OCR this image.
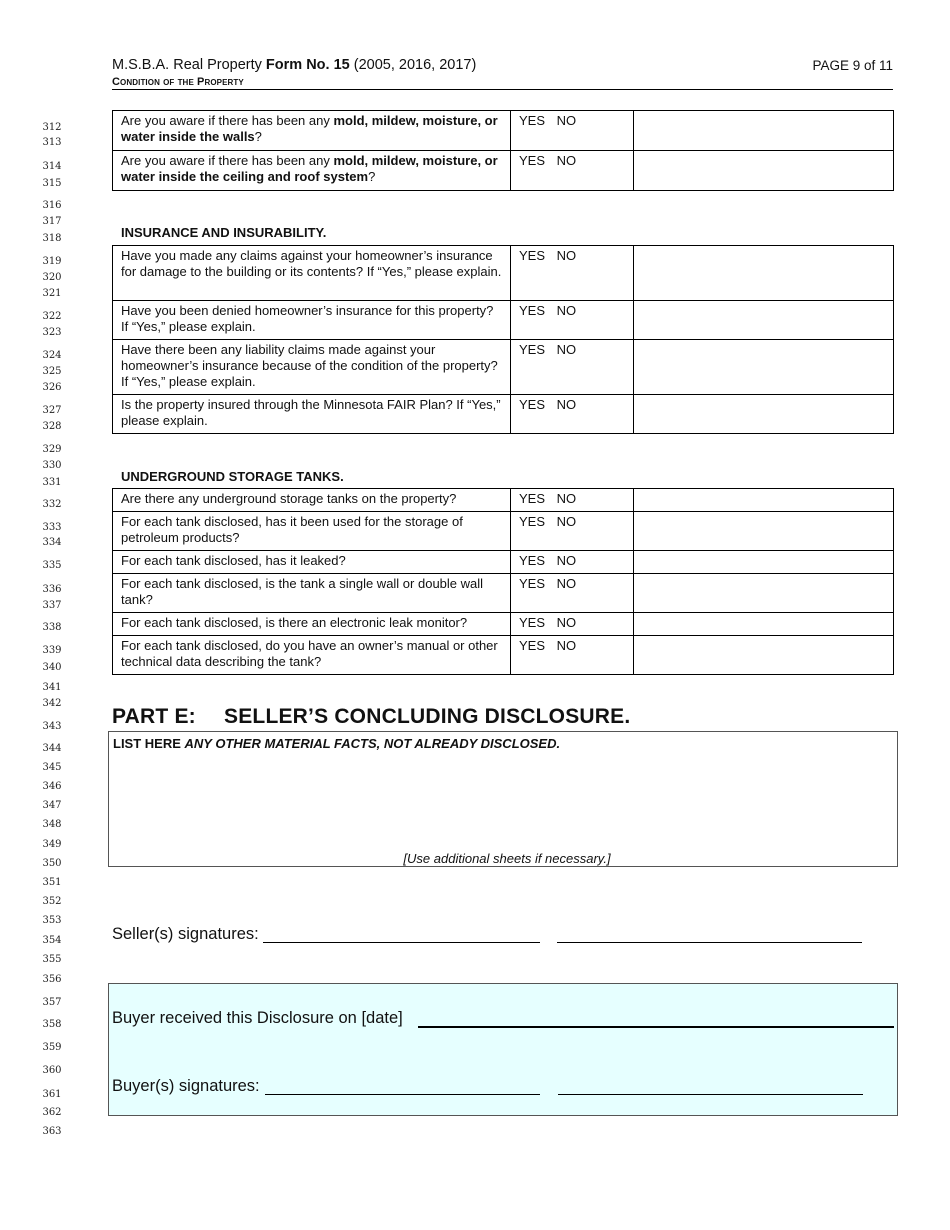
M.S.B.A. Real Property Form No. 15 (2005, 2016, 2017)
Condition of the Property
PAGE 9 of 11
312
313
314
315
316
317
318
319
320
321
322
323
324
325
326
327
328
329
330
331
332
333
334
335
336
337
338
339
340
341
342
343
344
345
346
347
348
349
350
351
352
353
354
355
356
357
358
359
360
361
362
363
Are you aware if there has been any mold, mildew, moisture, or water inside the walls?	YES NO	
Are you aware if there has been any mold, mildew, moisture, or water inside the ceiling and roof system?	YES NO	
INSURANCE AND INSURABILITY.
Have you made any claims against your homeowner’s insurance for damage to the building or its contents? If “Yes,” please explain.	YES NO	
Have you been denied homeowner’s insurance for this property? If “Yes,” please explain.	YES NO	
Have there been any liability claims made against your homeowner’s insurance because of the condition of the property? If “Yes,” please explain.	YES NO	
Is the property insured through the Minnesota FAIR Plan? If “Yes,” please explain.	YES NO	
UNDERGROUND STORAGE TANKS.
Are there any underground storage tanks on the property?	YES NO	
For each tank disclosed, has it been used for the storage of petroleum products?	YES NO	
For each tank disclosed, has it leaked?	YES NO	
For each tank disclosed, is the tank a single wall or double wall tank?	YES NO	
For each tank disclosed, is there an electronic leak monitor?	YES NO	
For each tank disclosed, do you have an owner’s manual or other technical data describing the tank?	YES NO	
PART E: SELLER’S CONCLUDING DISCLOSURE.
LIST HERE ANY OTHER MATERIAL FACTS, NOT ALREADY DISCLOSED.
[Use additional sheets if necessary.]
Seller(s) signatures:
Buyer received this Disclosure on [date]
Buyer(s) signatures:
